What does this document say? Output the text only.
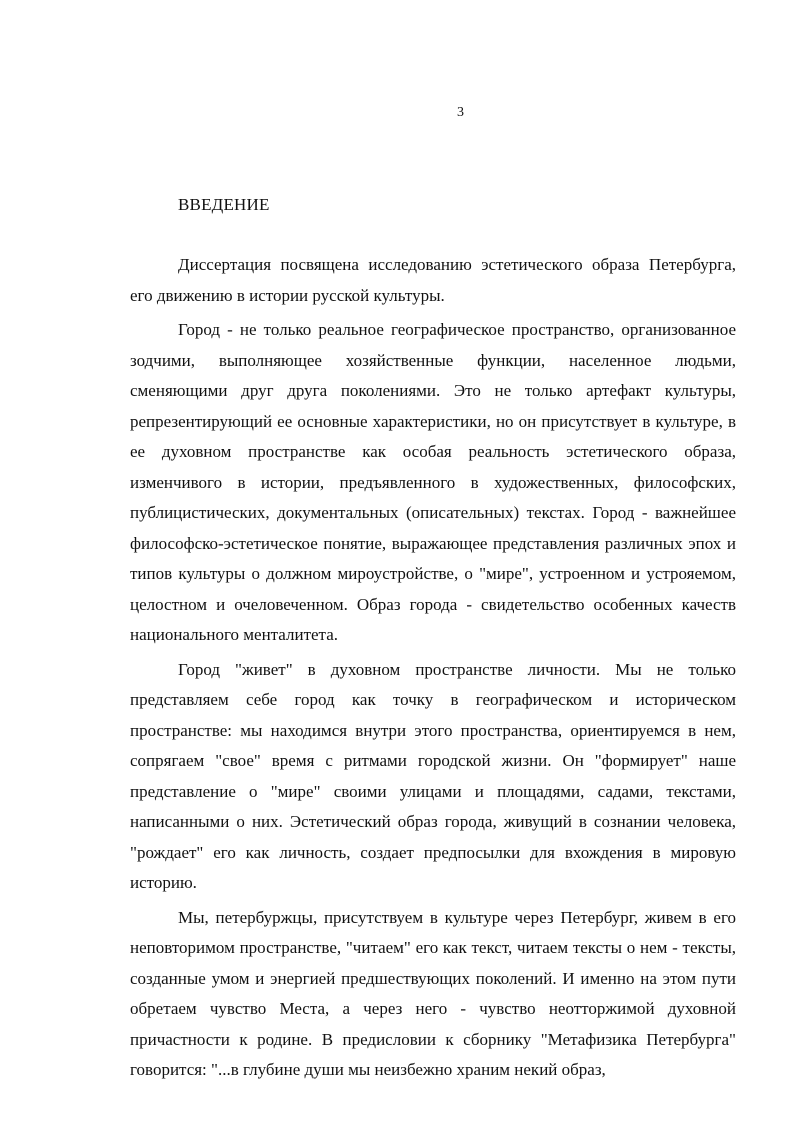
3
ВВЕДЕНИЕ

Диссертация посвящена исследованию эстетического образа Петербурга, его движению в истории русской культуры.

Город - не только реальное географическое пространство, организованное зодчими, выполняющее хозяйственные функции, населенное людьми, сменяющими друг друга поколениями. Это не только артефакт культуры, репрезентирующий ее основные характеристики, но он присутствует в культуре, в ее духовном пространстве как особая реальность эстетического образа, изменчивого в истории, предъявленного в художественных, философских, публицистических, документальных (описательных) текстах. Город - важнейшее философско-эстетическое понятие, выражающее представления различных эпох и типов культуры о должном мироустройстве, о "мире", устроенном и устрояемом, целостном и очеловеченном. Образ города - свидетельство особенных качеств национального менталитета.

Город "живет" в духовном пространстве личности. Мы не только представляем себе город как точку в географическом и историческом пространстве: мы находимся внутри этого пространства, ориентируемся в нем, сопрягаем "свое" время с ритмами городской жизни. Он "формирует" наше представление о "мире" своими улицами и площадями, садами, текстами, написанными о них. Эстетический образ города, живущий в сознании человека, "рождает" его как личность, создает предпосылки для вхождения в мировую историю.

Мы, петербуржцы, присутствуем в культуре через Петербург, живем в его неповторимом пространстве, "читаем" его как текст, читаем тексты о нем - тексты, созданные умом и энергией предшествующих поколений. И именно на этом пути обретаем чувство Места, а через него - чувство неотторжимой духовной причастности к родине. В предисловии к сборнику "Метафизика Петербурга" говорится: "...в глубине души мы неизбежно храним некий образ,
